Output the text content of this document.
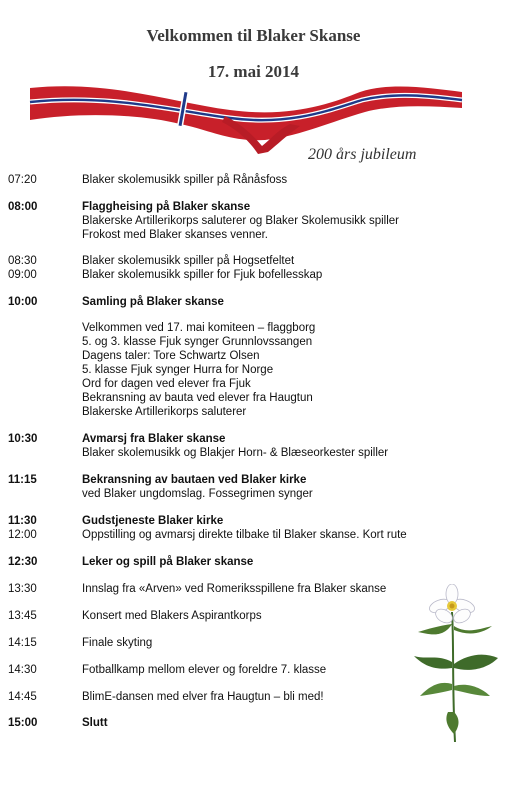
Velkommen til Blaker Skanse
17. mai 2014
200 års jubileum
07:20	Blaker skolemusikk spiller på Rånåsfoss
08:00	Flaggheising på Blaker skanse
Blakerske Artillerikorps saluterer og Blaker Skolemusikk spiller
Frokost med Blaker skanses venner.
08:30	Blaker skolemusikk spiller på Hogsetfeltet
09:00	Blaker skolemusikk spiller for Fjuk bofellesskap
10:00	Samling på Blaker skanse
Velkommen ved 17. mai komiteen – flaggborg
5. og 3. klasse Fjuk synger Grunnlovssangen
Dagens taler: Tore Schwartz Olsen
5. klasse Fjuk synger Hurra for Norge
Ord for dagen ved elever fra Fjuk
Bekransning av bauta ved elever fra Haugtun
Blakerske Artillerikorps saluterer
10:30	Avmarsj fra Blaker skanse
Blaker skolemusikk og Blakjer Horn- & Blæseorkester spiller
11:15	Bekransning av bautaen ved Blaker kirke
ved Blaker ungdomslag. Fossegrimen synger
11:30	Gudstjeneste Blaker kirke
12:00	Oppstilling og avmarsj direkte tilbake til Blaker skanse. Kort rute
12:30	Leker og spill på Blaker skanse
13:30	Innslag fra «Arven» ved Romeriksspillene fra Blaker skanse
13:45	Konsert med Blakers Aspirantkorps
14:15	Finale skyting
14:30	Fotballkamp mellom elever og foreldre 7. klasse
14:45	BlimE-dansen med elver fra Haugtun – bli med!
15:00	Slutt
